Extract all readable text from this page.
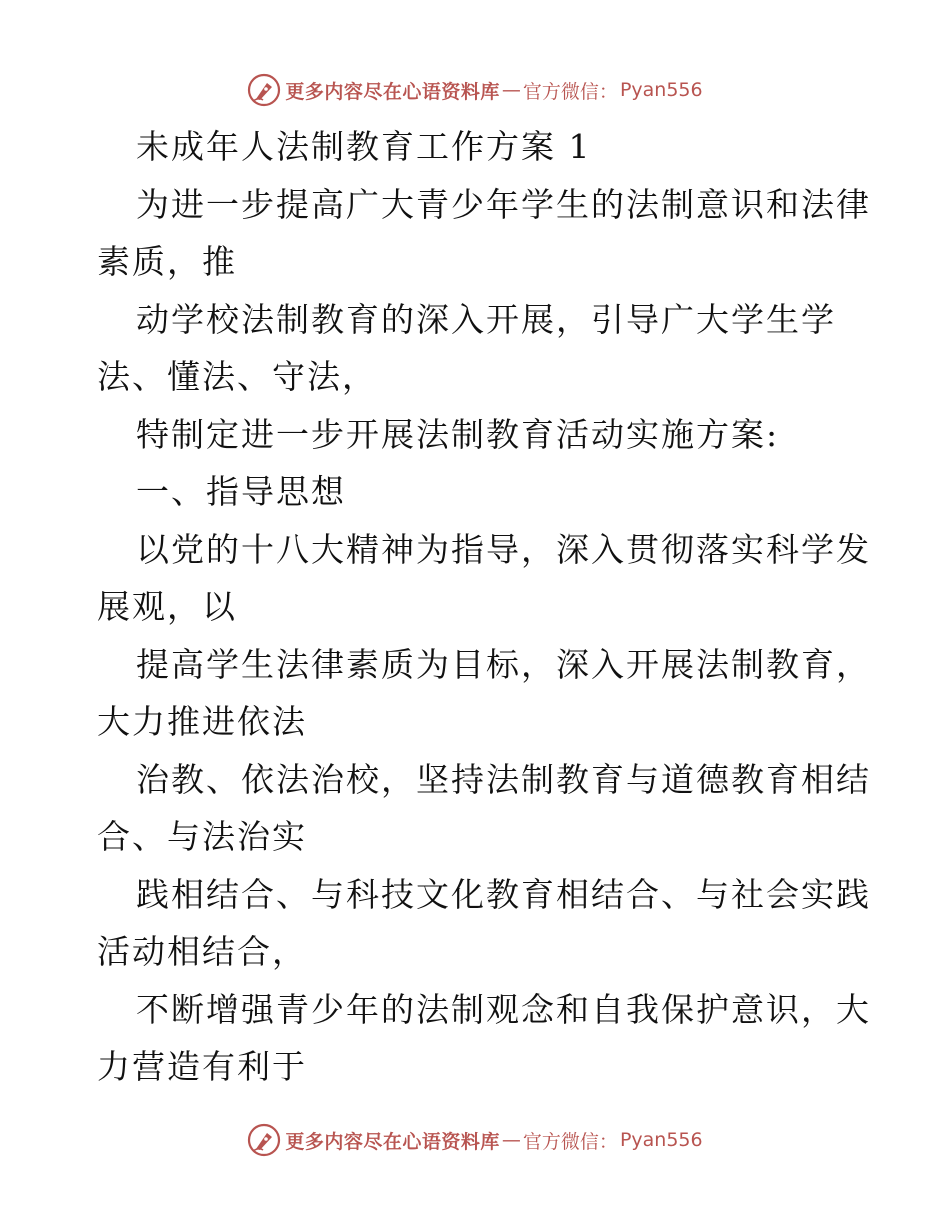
更多内容尽在心语资料库 — 官方微信： Pyan556
未成年人法制教育工作方案 1
为进一步提高广大青少年学生的法制意识和法律
素质，推
动学校法制教育的深入开展，引导广大学生学
法、懂法、守法，
特制定进一步开展法制教育活动实施方案:
一、指导思想
以党的十八大精神为指导，深入贯彻落实科学发
展观，以
提高学生法律素质为目标，深入开展法制教育，
大力推进依法
治教、依法治校，坚持法制教育与道德教育相结
合、与法治实
践相结合、与科技文化教育相结合、与社会实践
活动相结合，
不断增强青少年的法制观念和自我保护意识，大
力营造有利于
更多内容尽在心语资料库 — 官方微信： Pyan556
